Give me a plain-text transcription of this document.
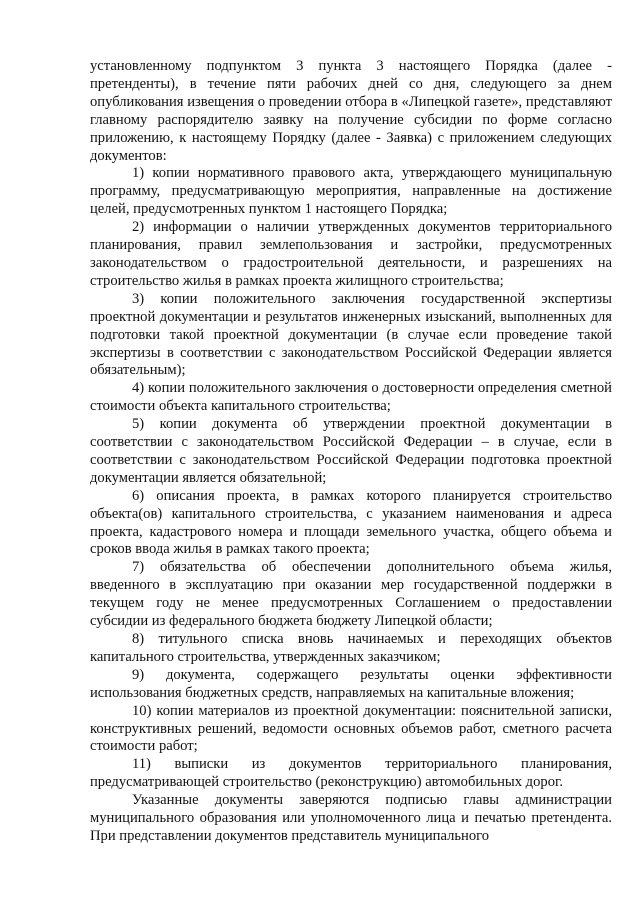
установленному подпунктом 3 пункта 3 настоящего Порядка (далее - претенденты), в течение пяти рабочих дней со дня, следующего за днем опубликования извещения о проведении отбора в «Липецкой газете», представляют главному распорядителю заявку на получение субсидии по форме согласно приложению, к настоящему Порядку (далее - Заявка) с приложением следующих документов:

1) копии нормативного правового акта, утверждающего муниципальную программу, предусматривающую мероприятия, направленные на достижение целей, предусмотренных пунктом 1 настоящего Порядка;

2) информации о наличии утвержденных документов территориального планирования, правил землепользования и застройки, предусмотренных законодательством о градостроительной деятельности, и разрешениях на строительство жилья в рамках проекта жилищного строительства;

3) копии положительного заключения государственной экспертизы проектной документации и результатов инженерных изысканий, выполненных для подготовки такой проектной документации (в случае если проведение такой экспертизы в соответствии с законодательством Российской Федерации является обязательным);

4) копии положительного заключения о достоверности определения сметной стоимости объекта капитального строительства;

5) копии документа об утверждении проектной документации в соответствии с законодательством Российской Федерации – в случае, если в соответствии с законодательством Российской Федерации подготовка проектной документации является обязательной;

6) описания проекта, в рамках которого планируется строительство объекта(ов) капитального строительства, с указанием наименования и адреса проекта, кадастрового номера и площади земельного участка, общего объема и сроков ввода жилья в рамках такого проекта;

7) обязательства об обеспечении дополнительного объема жилья, введенного в эксплуатацию при оказании мер государственной поддержки в текущем году не менее предусмотренных Соглашением о предоставлении субсидии из федерального бюджета бюджету Липецкой области;

8) титульного списка вновь начинаемых и переходящих объектов капитального строительства, утвержденных заказчиком;

9) документа, содержащего результаты оценки эффективности использования бюджетных средств, направляемых на капитальные вложения;

10) копии материалов из проектной документации: пояснительной записки, конструктивных решений, ведомости основных объемов работ, сметного расчета стоимости работ;

11) выписки из документов территориального планирования, предусматривающей строительство (реконструкцию) автомобильных дорог.

Указанные документы заверяются подписью главы администрации муниципального образования или уполномоченного лица и печатью претендента. При представлении документов представитель муниципального
